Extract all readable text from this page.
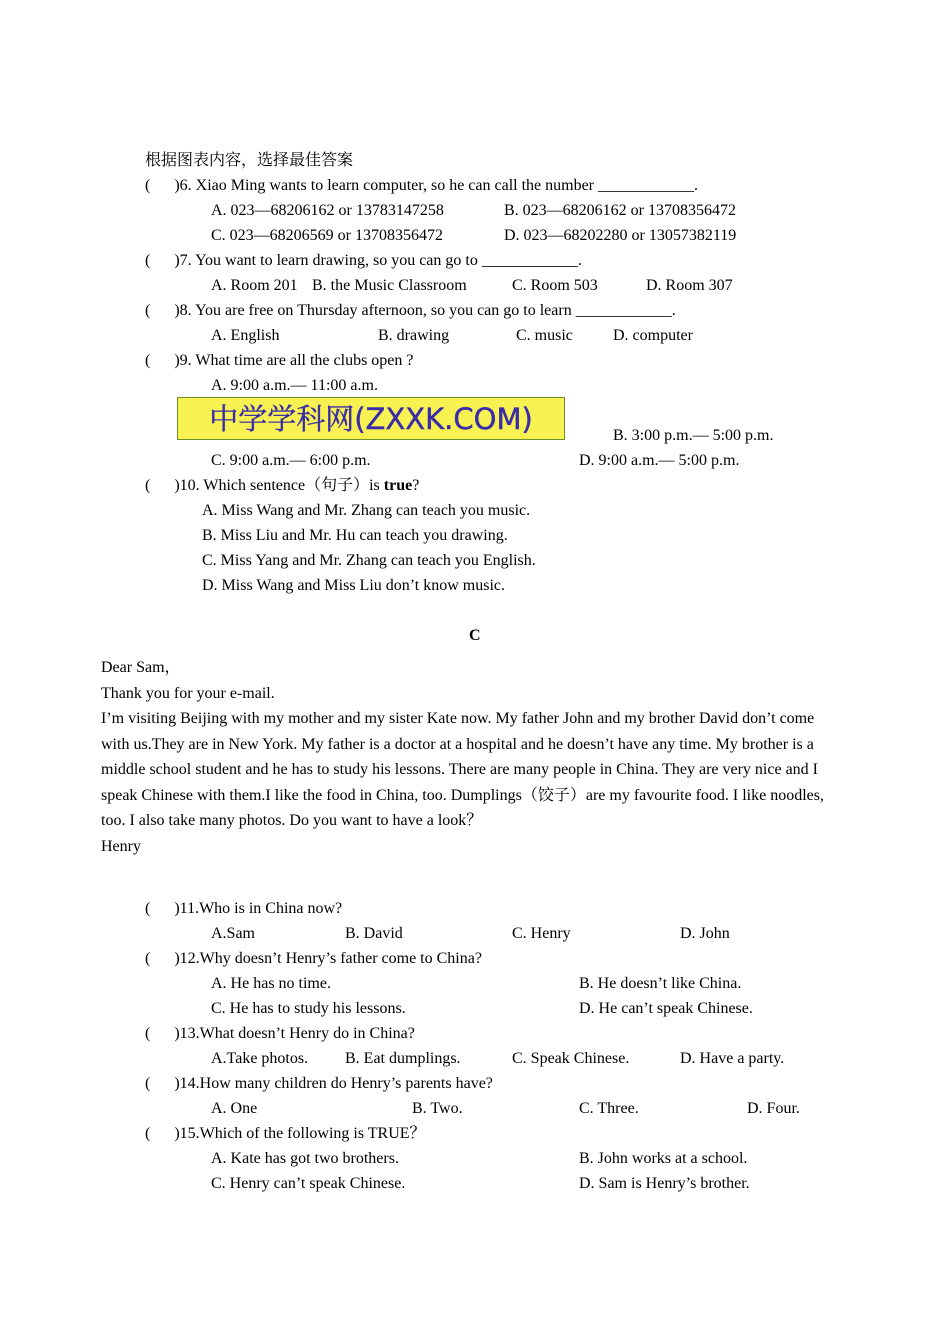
根据图表内容，选择最佳答案
(      )6. Xiao Ming wants to learn computer, so he can call the number ____________.
A. 023—68206162 or 13783147258	B. 023—68206162 or 13708356472
C. 023—68206569 or 13708356472	D. 023—68202280 or 13057382119
(      )7. You want to learn drawing, so you can go to ____________.
A. Room 201 B. the Music Classroom	C. Room 503	D. Room 307
(      )8. You are free on Thursday afternoon, so you can go to learn ____________.
A. English	B. drawing	C. music	D. computer
(      )9. What time are all the clubs open ?
A. 9:00 a.m.— 11:00 a.m.
中学学科网(ZXXK.COM)	B. 3:00 p.m.— 5:00 p.m.
C. 9:00 a.m.— 6:00 p.m.	D. 9:00 a.m.— 5:00 p.m.
(      )10. Which sentence（句子）is true?
A. Miss Wang and Mr. Zhang can teach you music.
B. Miss Liu and Mr. Hu can teach you drawing.
C. Miss Yang and Mr. Zhang can teach you English.
D. Miss Wang and Miss Liu don’t know music.
C
Dear Sam，
Thank you for your e-mail.
I’m visiting Beijing with my mother and my sister Kate now. My father John and my brother David don’t come
with us.They are in New York. My father is a doctor at a hospital and he doesn’t have any time. My brother is a
middle school student and he has to study his lessons. There are many people in China. They are very nice and I
speak Chinese with them.I like the food in China, too. Dumplings（饺子）are my favourite food. I like noodles,
too. I also take many photos. Do you want to have a look？
Henry
(      )11.Who is in China now?
A.Sam	B. David	C. Henry	D. John
(      )12.Why doesn’t Henry’s father come to China?
A. He has no time.	B. He doesn’t like China.
C. He has to study his lessons.	D. He can’t speak Chinese.
(      )13.What doesn’t Henry do in China?
A.Take photos. B. Eat dumplings.	C. Speak Chinese.	D. Have a party.
(      )14.How many children do Henry’s parents have?
A. One	B. Two.	C. Three.	D. Four.
(      )15.Which of the following is TRUE？
A. Kate has got two brothers.	B. John works at a school.
C. Henry can’t speak Chinese.	D. Sam is Henry’s brother.
